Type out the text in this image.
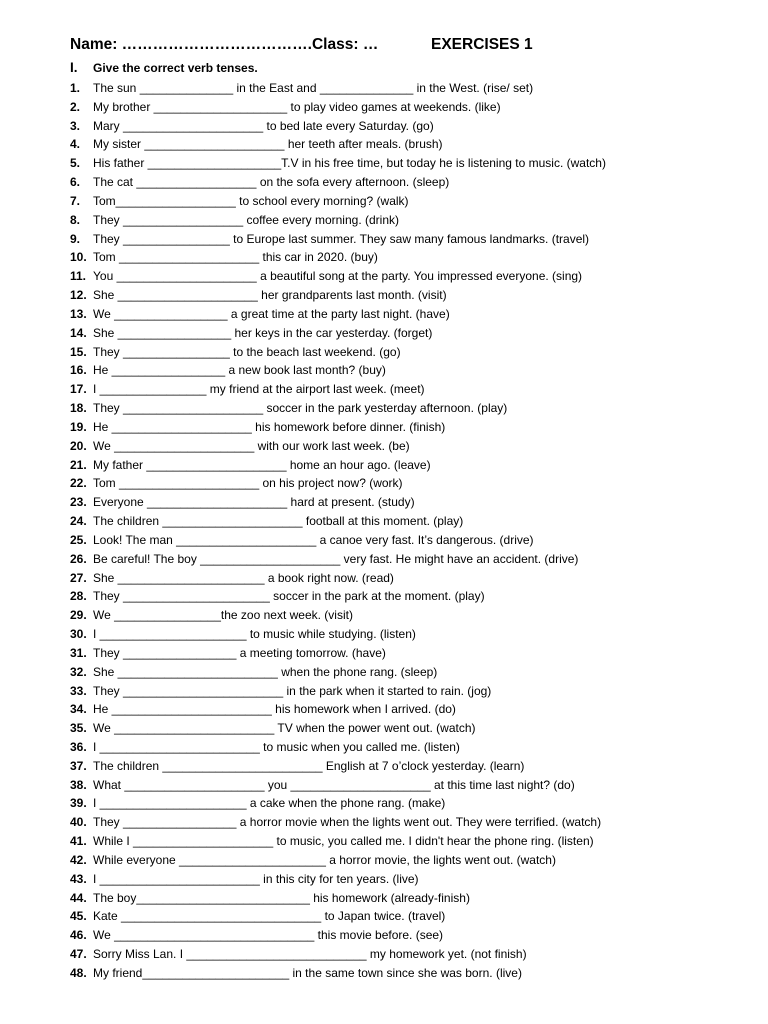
Name: ……………………………….Class: …	EXERCISES 1
I. Give the correct verb tenses.
1. The sun ______________ in the East and ______________ in the West. (rise/ set)
2. My brother ____________________ to play video games at weekends. (like)
3. Mary _____________________ to bed late every Saturday. (go)
4. My sister _____________________ her teeth after meals. (brush)
5. His father ____________________T.V in his free time, but today he is listening to music. (watch)
6. The cat __________________ on the sofa every afternoon. (sleep)
7. Tom__________________ to school every morning? (walk)
8. They __________________ coffee every morning. (drink)
9. They ________________ to Europe last summer. They saw many famous landmarks. (travel)
10. Tom _____________________ this car in 2020. (buy)
11. You _____________________ a beautiful song at the party. You impressed everyone. (sing)
12. She _____________________ her grandparents last month. (visit)
13. We _________________ a great time at the party last night. (have)
14. She _________________ her keys in the car yesterday. (forget)
15. They ________________ to the beach last weekend. (go)
16. He _________________ a new book last month? (buy)
17. I ________________ my friend at the airport last week. (meet)
18. They _____________________ soccer in the park yesterday afternoon. (play)
19. He _____________________ his homework before dinner. (finish)
20. We _____________________ with our work last week. (be)
21. My father _____________________ home an hour ago. (leave)
22. Tom _____________________ on his project now? (work)
23. Everyone _____________________ hard at present. (study)
24. The children _____________________ football at this moment. (play)
25. Look! The man _____________________ a canoe very fast. It’s dangerous. (drive)
26. Be careful! The boy _____________________ very fast. He might have an accident. (drive)
27. She ______________________ a book right now. (read)
28. They ______________________ soccer in the park at the moment. (play)
29. We ________________the zoo next week. (visit)
30. I ______________________ to music while studying. (listen)
31. They _________________ a meeting tomorrow. (have)
32. She ________________________ when the phone rang. (sleep)
33. They ________________________ in the park when it started to rain. (jog)
34. He ________________________ his homework when I arrived. (do)
35. We ________________________ TV when the power went out. (watch)
36. I ________________________ to music when you called me. (listen)
37. The children ________________________ English at 7 o’clock yesterday. (learn)
38. What _____________________ you _____________________ at this time last night? (do)
39. I ______________________ a cake when the phone rang. (make)
40. They _________________ a horror movie when the lights went out. They were terrified. (watch)
41. While I _____________________ to music, you called me. I didn't hear the phone ring. (listen)
42. While everyone ______________________ a horror movie, the lights went out. (watch)
43. I ________________________ in this city for ten years. (live)
44. The boy__________________________ his homework (already-finish)
45. Kate ______________________________ to Japan twice. (travel)
46. We ______________________________ this movie before. (see)
47. Sorry Miss Lan. I ___________________________ my homework yet. (not finish)
48. My friend______________________ in the same town since she was born. (live)
